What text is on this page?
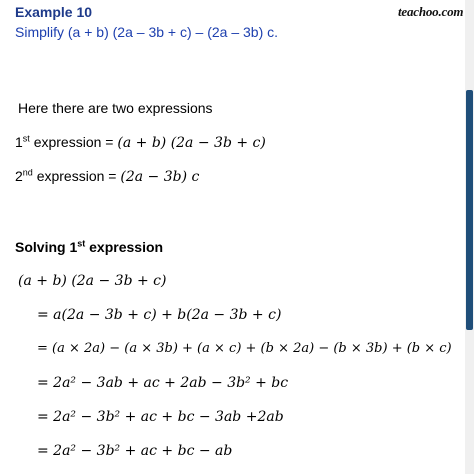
Example 10	teachoo.com
Simplify (a + b) (2a – 3b + c) – (2a – 3b) c.
Here there are two expressions
1st expression = (a + b) (2a − 3b + c)
2nd expression = (2a − 3b) c
Solving 1st expression
(a + b) (2a − 3b + c)
= a(2a − 3b + c) + b(2a − 3b + c)
= (a × 2a) − (a × 3b) + (a × c) + (b × 2a) − (b × 3b) + (b × c)
= 2a² − 3ab + ac + 2ab − 3b² + bc
= 2a² − 3b² + ac + bc − 3ab +2ab
= 2a² − 3b² + ac + bc − ab
